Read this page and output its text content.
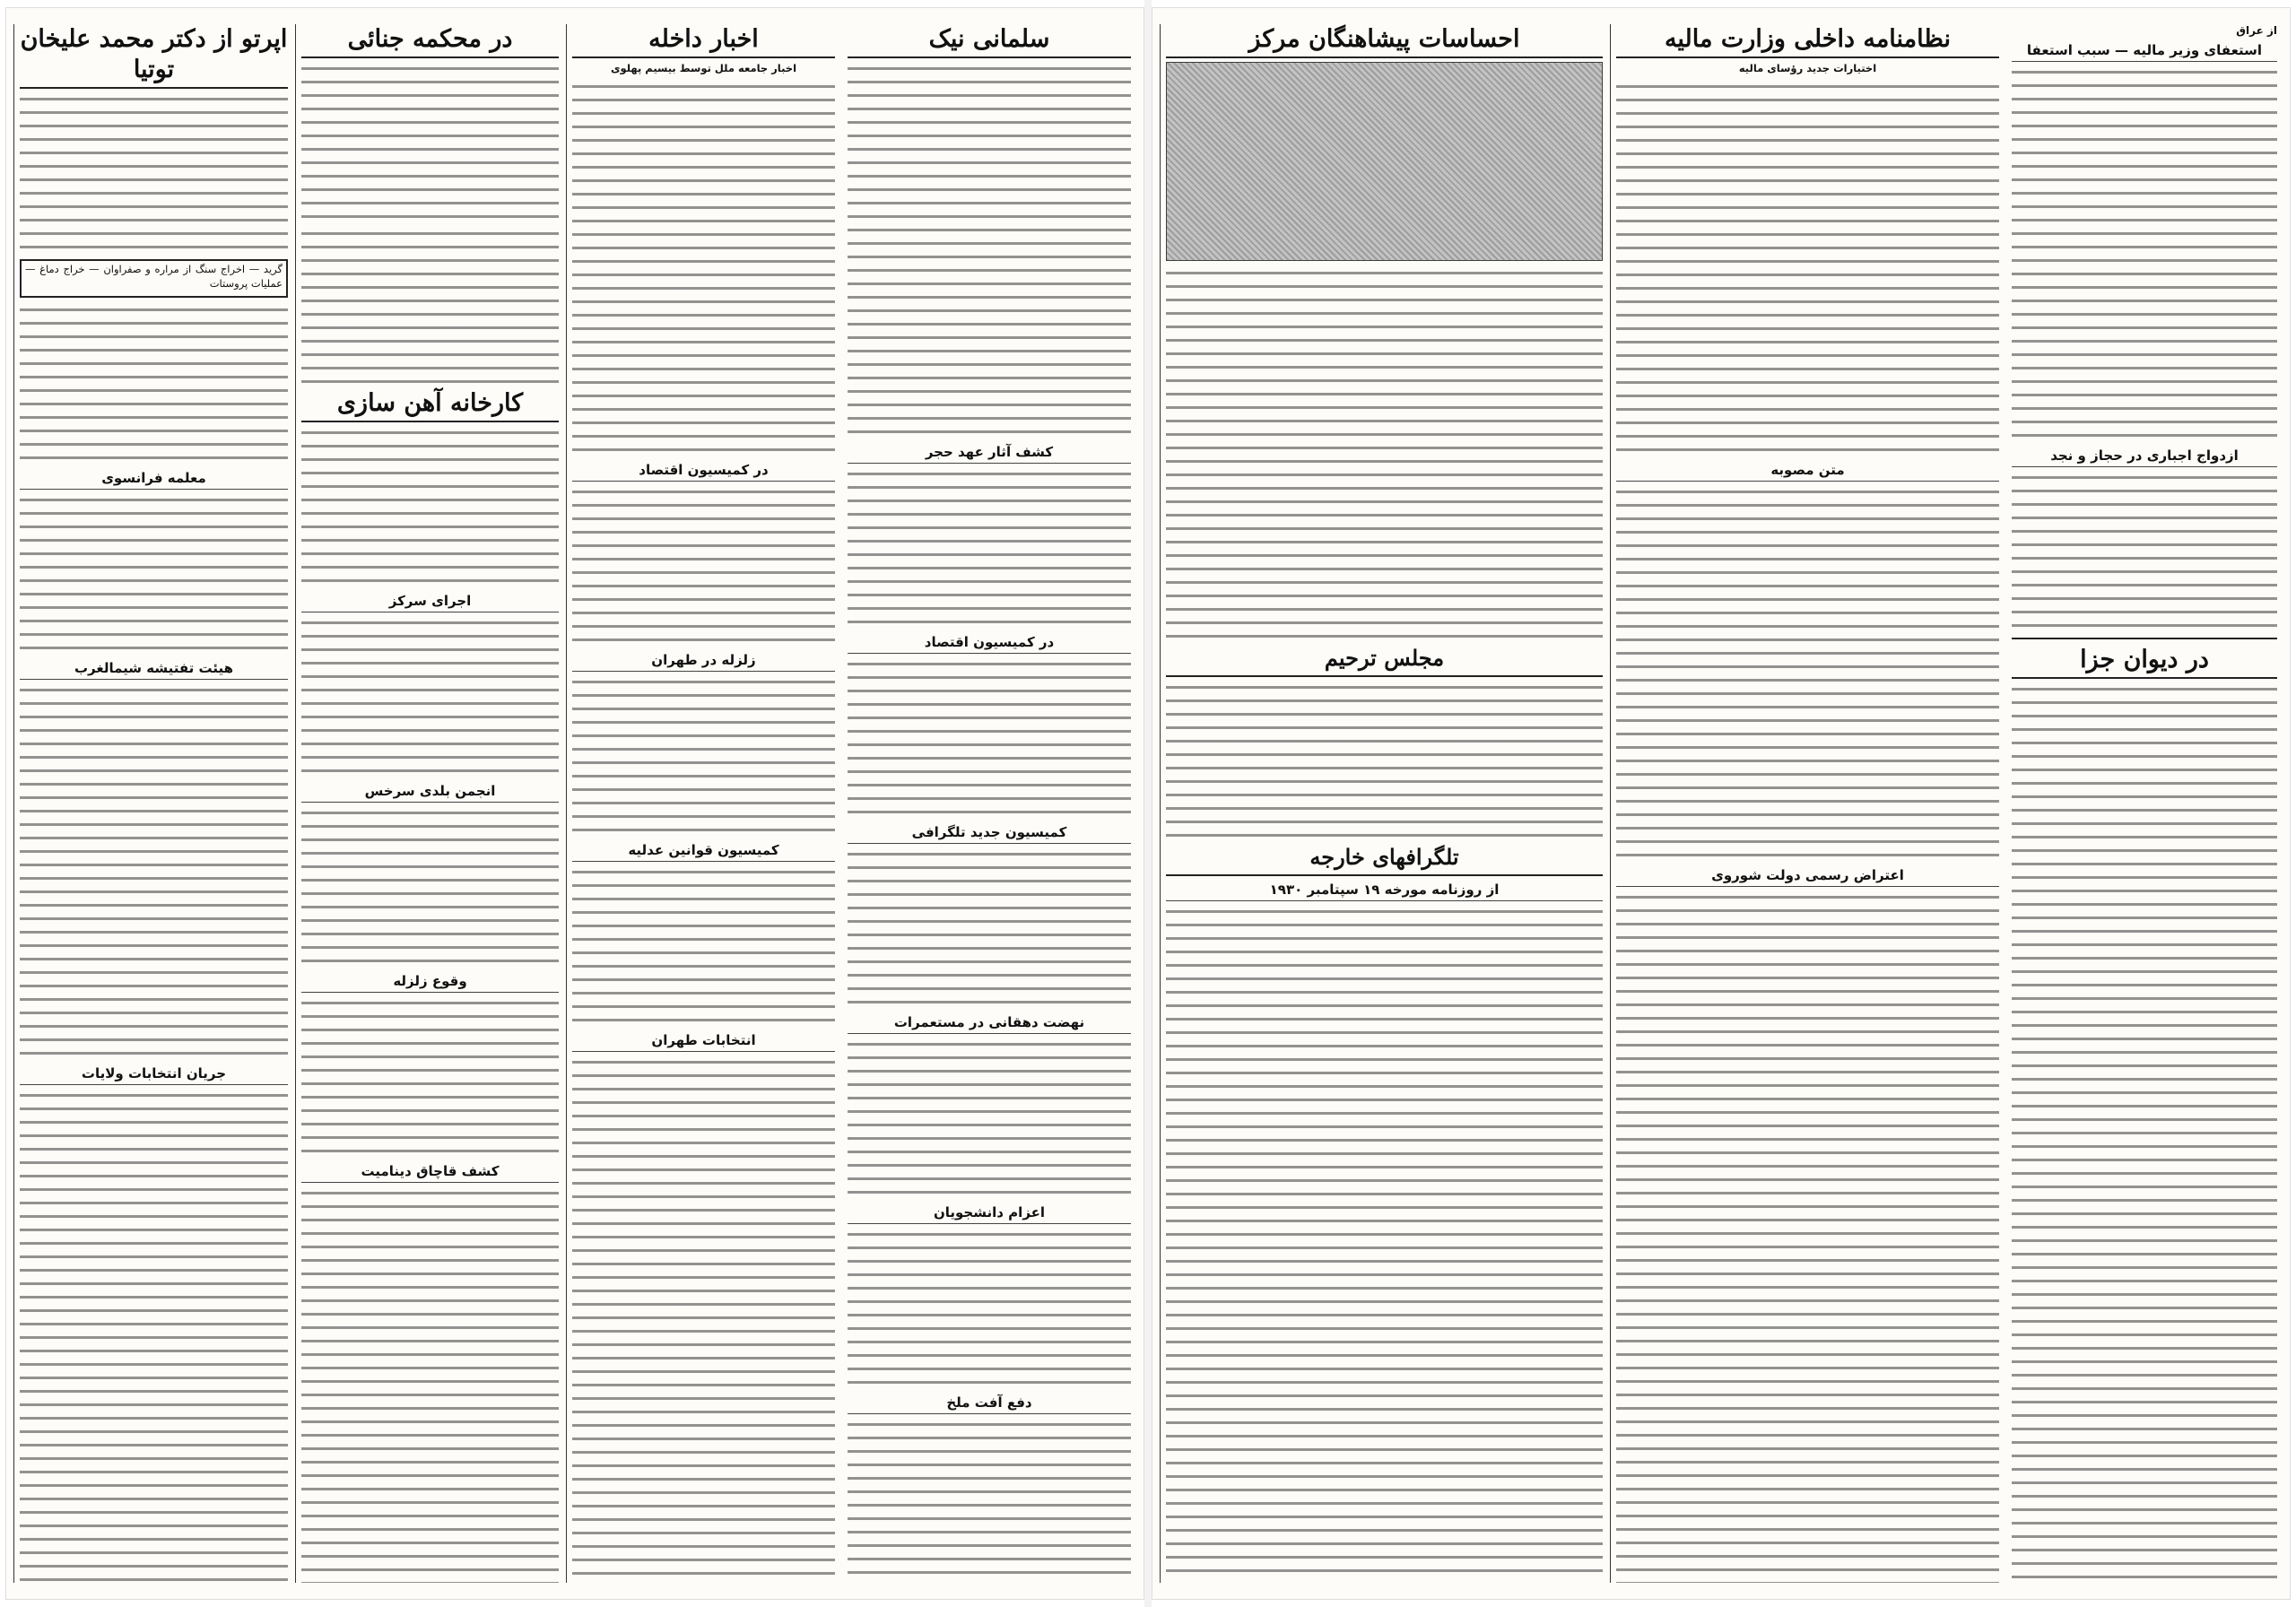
اپرتو از دکتر محمد علیخان توتیا
گرید — اخراج سنگ از مراره و صفراوان — خراج دماغ — عملیات پروستات
معلمه فرانسوی
هیئت تفتیشه شیمالغرب
جریان انتخابات ولایات
در محکمه جنائی
کارخانه آهن سازی
اجرای سرکز
انجمن بلدی سرخس
وقوع زلزله
کشف قاچاق دینامیت
اخبار داخله
اخبار جامعه ملل توسط بیسیم پهلوی
در کمیسیون اقتصاد
زلزله در طهران
کمیسیون قوانین عدلیه
انتخابات طهران
سلمانی نیک
کشف آثار عهد حجر
در کمیسیون اقتصاد
کمیسیون جدید تلگرافی
نهضت دهقانی در مستعمرات
اعزام دانشجویان
دفع آفت ملخ
احساسات پیشاهنگان مرکز
مجلس ترحیم
تلگرافهای خارجه
از روزنامه مورخه ۱۹ سپتامبر ۱۹۳۰
نظامنامه داخلی وزارت مالیه
اختیارات جدید رؤسای مالیه
متن مصوبه
اعتراض رسمی دولت شوروی
از عراق
استعفای وزیر مالیه — سبب استعفا
ازدواج اجباری در حجاز و نجد
در دیوان جزا
